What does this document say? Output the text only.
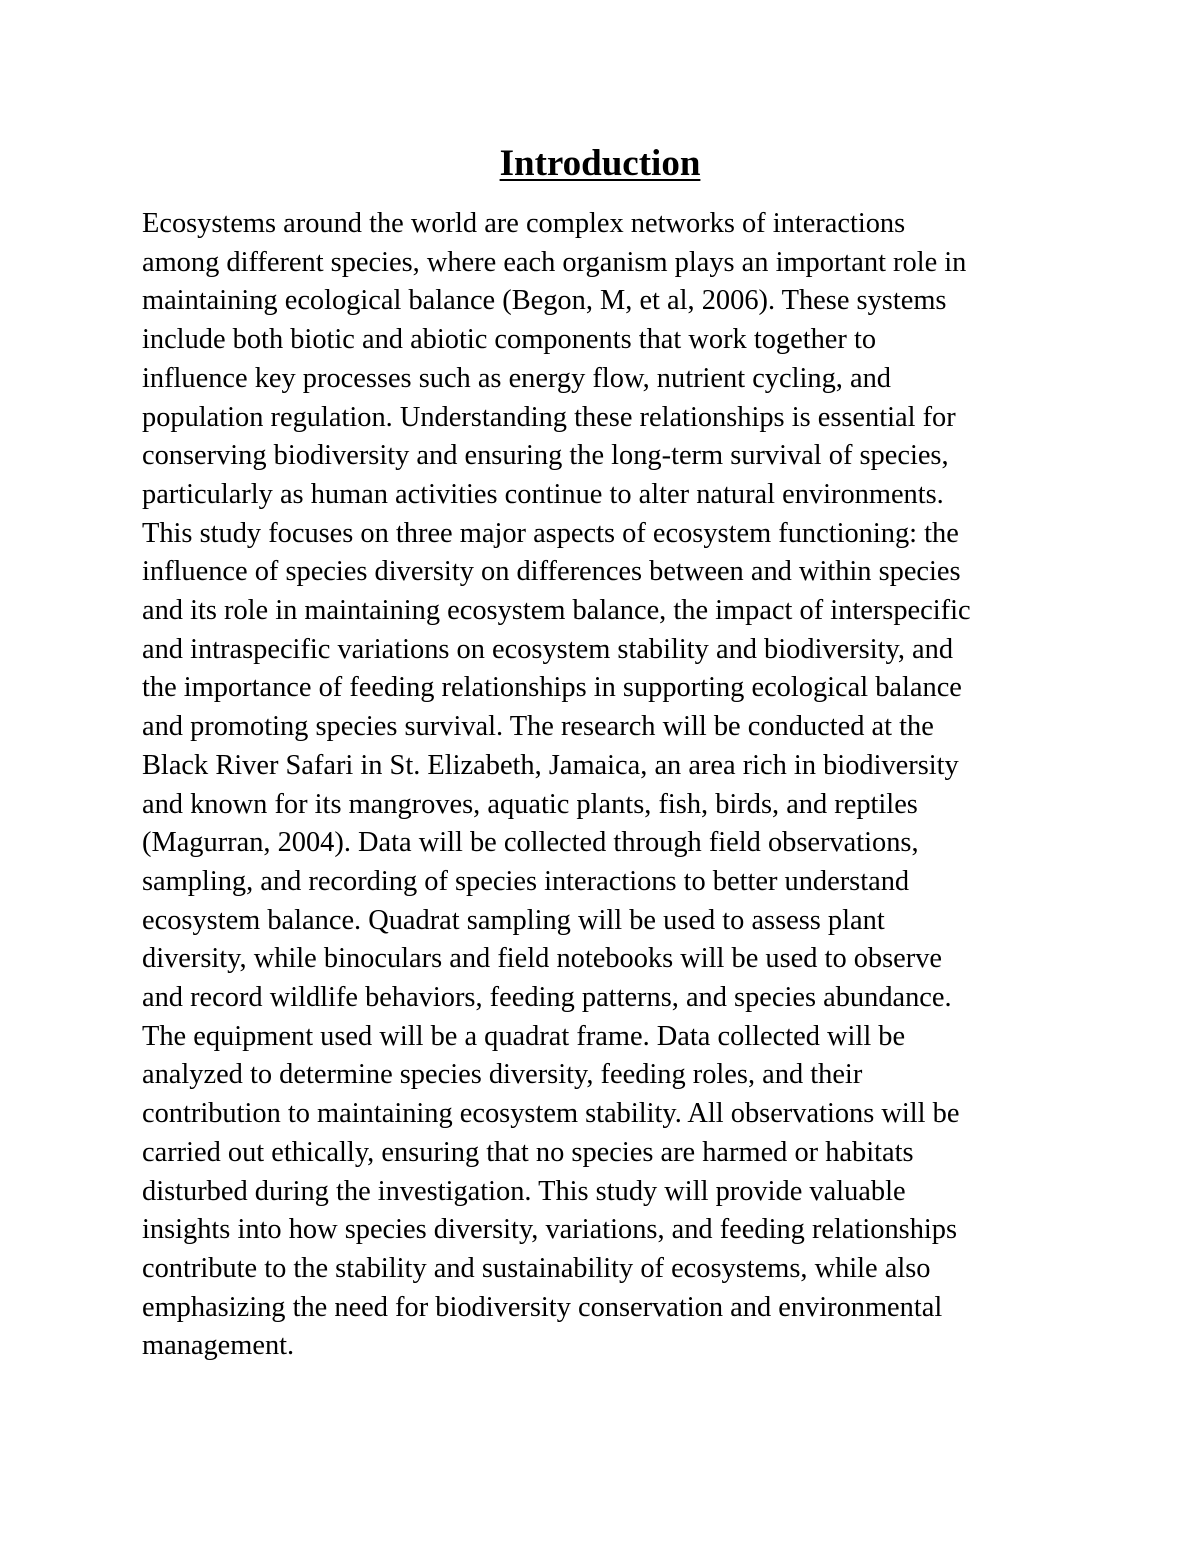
Introduction
Ecosystems around the world are complex networks of interactions
among different species, where each organism plays an important role in
maintaining ecological balance (Begon, M, et al, 2006). These systems
include both biotic and abiotic components that work together to
influence key processes such as energy flow, nutrient cycling, and
population regulation. Understanding these relationships is essential for
conserving biodiversity and ensuring the long-term survival of species,
particularly as human activities continue to alter natural environments.
This study focuses on three major aspects of ecosystem functioning: the
influence of species diversity on differences between and within species
and its role in maintaining ecosystem balance, the impact of interspecific
and intraspecific variations on ecosystem stability and biodiversity, and
the importance of feeding relationships in supporting ecological balance
and promoting species survival. The research will be conducted at the
Black River Safari in St. Elizabeth, Jamaica, an area rich in biodiversity
and known for its mangroves, aquatic plants, fish, birds, and reptiles
(Magurran, 2004). Data will be collected through field observations,
sampling, and recording of species interactions to better understand
ecosystem balance. Quadrat sampling will be used to assess plant
diversity, while binoculars and field notebooks will be used to observe
and record wildlife behaviors, feeding patterns, and species abundance.
The equipment used will be a quadrat frame. Data collected will be
analyzed to determine species diversity, feeding roles, and their
contribution to maintaining ecosystem stability. All observations will be
carried out ethically, ensuring that no species are harmed or habitats
disturbed during the investigation. This study will provide valuable
insights into how species diversity, variations, and feeding relationships
contribute to the stability and sustainability of ecosystems, while also
emphasizing the need for biodiversity conservation and environmental
management.
